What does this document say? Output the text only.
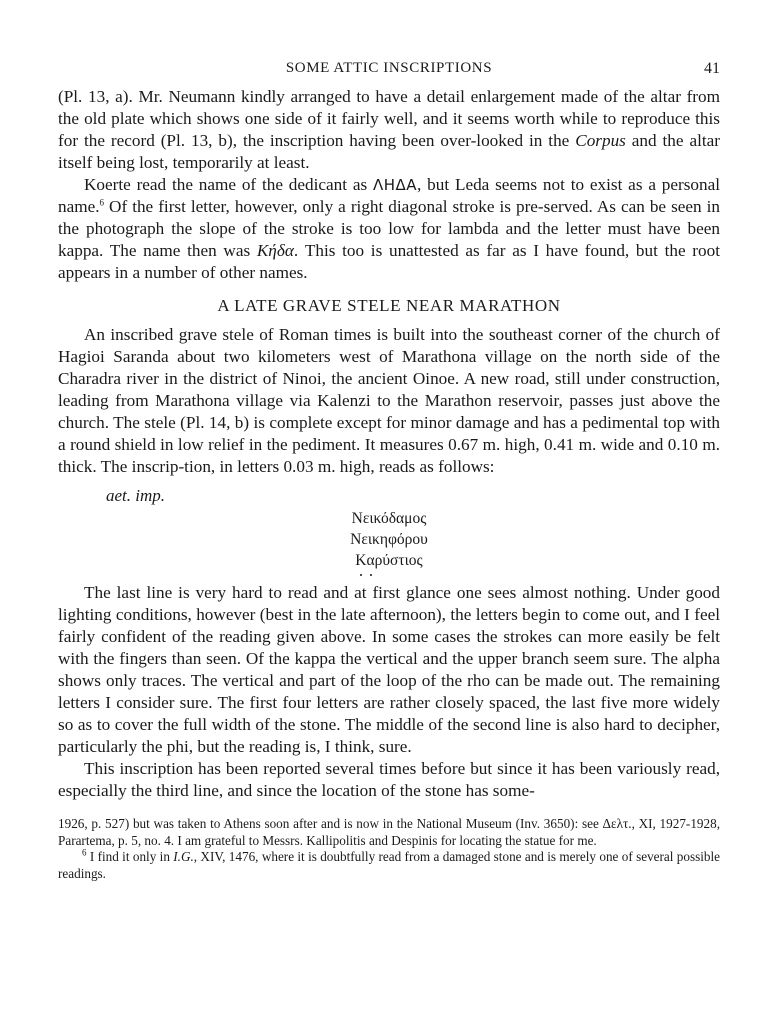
SOME ATTIC INSCRIPTIONS	41

(Pl. 13, a). Mr. Neumann kindly arranged to have a detail enlargement made of the altar from the old plate which shows one side of it fairly well, and it seems worth while to reproduce this for the record (Pl. 13, b), the inscription having been over-looked in the Corpus and the altar itself being lost, temporarily at least.

Koerte read the name of the dedicant as ΛΗΔΑ, but Leda seems not to exist as a personal name.$^6$ Of the first letter, however, only a right diagonal stroke is pre-served. As can be seen in the photograph the slope of the stroke is too low for lambda and the letter must have been kappa. The name then was Κήδα. This too is unattested as far as I have found, but the root appears in a number of other names.

A LATE GRAVE STELE NEAR MARATHON

An inscribed grave stele of Roman times is built into the southeast corner of the church of Hagioi Saranda about two kilometers west of Marathona village on the north side of the Charadra river in the district of Ninoi, the ancient Oinoe. A new road, still under construction, leading from Marathona village via Kalenzi to the Marathon reservoir, passes just above the church. The stele (Pl. 14, b) is complete except for minor damage and has a pedimental top with a round shield in low relief in the pediment. It measures 0.67 m. high, 0.41 m. wide and 0.10 m. thick. The inscrip-tion, in letters 0.03 m. high, reads as follows:

aet. imp.
Νεικόδαμος
Νεικηφόρου
Καρύστιος

The last line is very hard to read and at first glance one sees almost nothing. Under good lighting conditions, however (best in the late afternoon), the letters begin to come out, and I feel fairly confident of the reading given above. In some cases the strokes can more easily be felt with the fingers than seen. Of the kappa the vertical and the upper branch seem sure. The alpha shows only traces. The vertical and part of the loop of the rho can be made out. The remaining letters I consider sure. The first four letters are rather closely spaced, the last five more widely so as to cover the full width of the stone. The middle of the second line is also hard to decipher, particularly the phi, but the reading is, I think, sure.

This inscription has been reported several times before but since it has been variously read, especially the third line, and since the location of the stone has some-

1926, p. 527) but was taken to Athens soon after and is now in the National Museum (Inv. 3650): see Δελτ., XI, 1927-1928, Parartema, p. 5, no. 4. I am grateful to Messrs. Kallipolitis and Despinis for locating the statue for me.

$^6$ I find it only in I.G., XIV, 1476, where it is doubtfully read from a damaged stone and is merely one of several possible readings.
